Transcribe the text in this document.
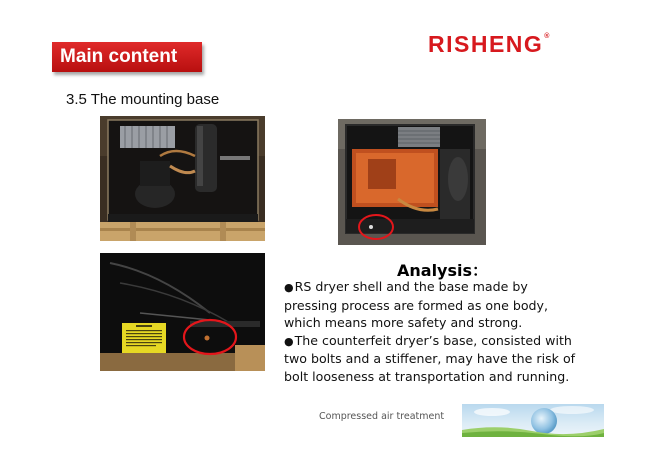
Main content	RISHENG®
3.5 The mounting base
Analysis：

●RS dryer shell and the base made by pressing process are formed as one body, which means more safety and strong.

●The counterfeit dryer’s base, consisted with two bolts and a stiffener, may have the risk of bolt looseness at transportation and running.

Compressed air treatment
